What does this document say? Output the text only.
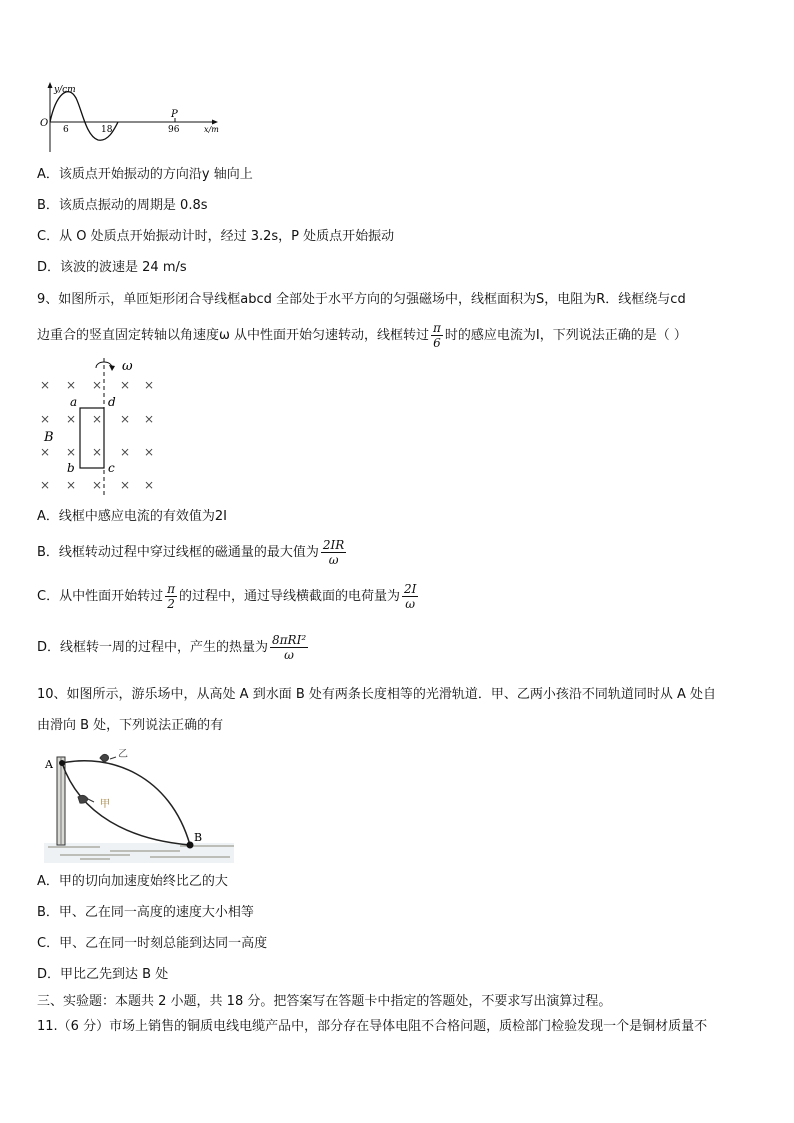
y/cm
O
6	18
P
96	x/m
A．该质点开始振动的方向沿y 轴向上
B．该质点振动的周期是 0.8s
C．从 O 处质点开始振动计时，经过 3.2s，P 处质点开始振动
D．该波的波速是 24 m/s
9、如图所示，单匝矩形闭合导线框abcd 全部处于水平方向的匀强磁场中，线框面积为S，电阻为R．线框绕与cd
边重合的竖直固定转轴以角速度ω 从中性面开始匀速转动，线框转过 $\frac{\pi}{6}$ 时的感应电流为I，下列说法正确的是（ ）
× × × × ×
× × × × ×
× × × × ×
× × × × ×
ω
a	d
B
b	c
A．线框中感应电流的有效值为2I
B．线框转动过程中穿过线框的磁通量的最大值为 $\frac{2IR}{\omega}$
C．从中性面开始转过 $\frac{\pi}{2}$ 的过程中，通过导线横截面的电荷量为 $\frac{2I}{\omega}$
D．线框转一周的过程中，产生的热量为 $\frac{\text{8πRI²}}{\omega}$
10、如图所示，游乐场中，从高处 A 到水面 B 处有两条长度相等的光滑轨道．甲、乙两小孩沿不同轨道同时从 A 处自
由滑向 B 处，下列说法正确的有
A
B
乙
甲
A．甲的切向加速度始终比乙的大
B．甲、乙在同一高度的速度大小相等
C．甲、乙在同一时刻总能到达同一高度
D．甲比乙先到达 B 处
三、实验题：本题共 2 小题，共 18 分。把答案写在答题卡中指定的答题处，不要求写出演算过程。
11.（6 分）市场上销售的铜质电线电缆产品中，部分存在导体电阻不合格问题，质检部门检验发现一个是铜材质量不
